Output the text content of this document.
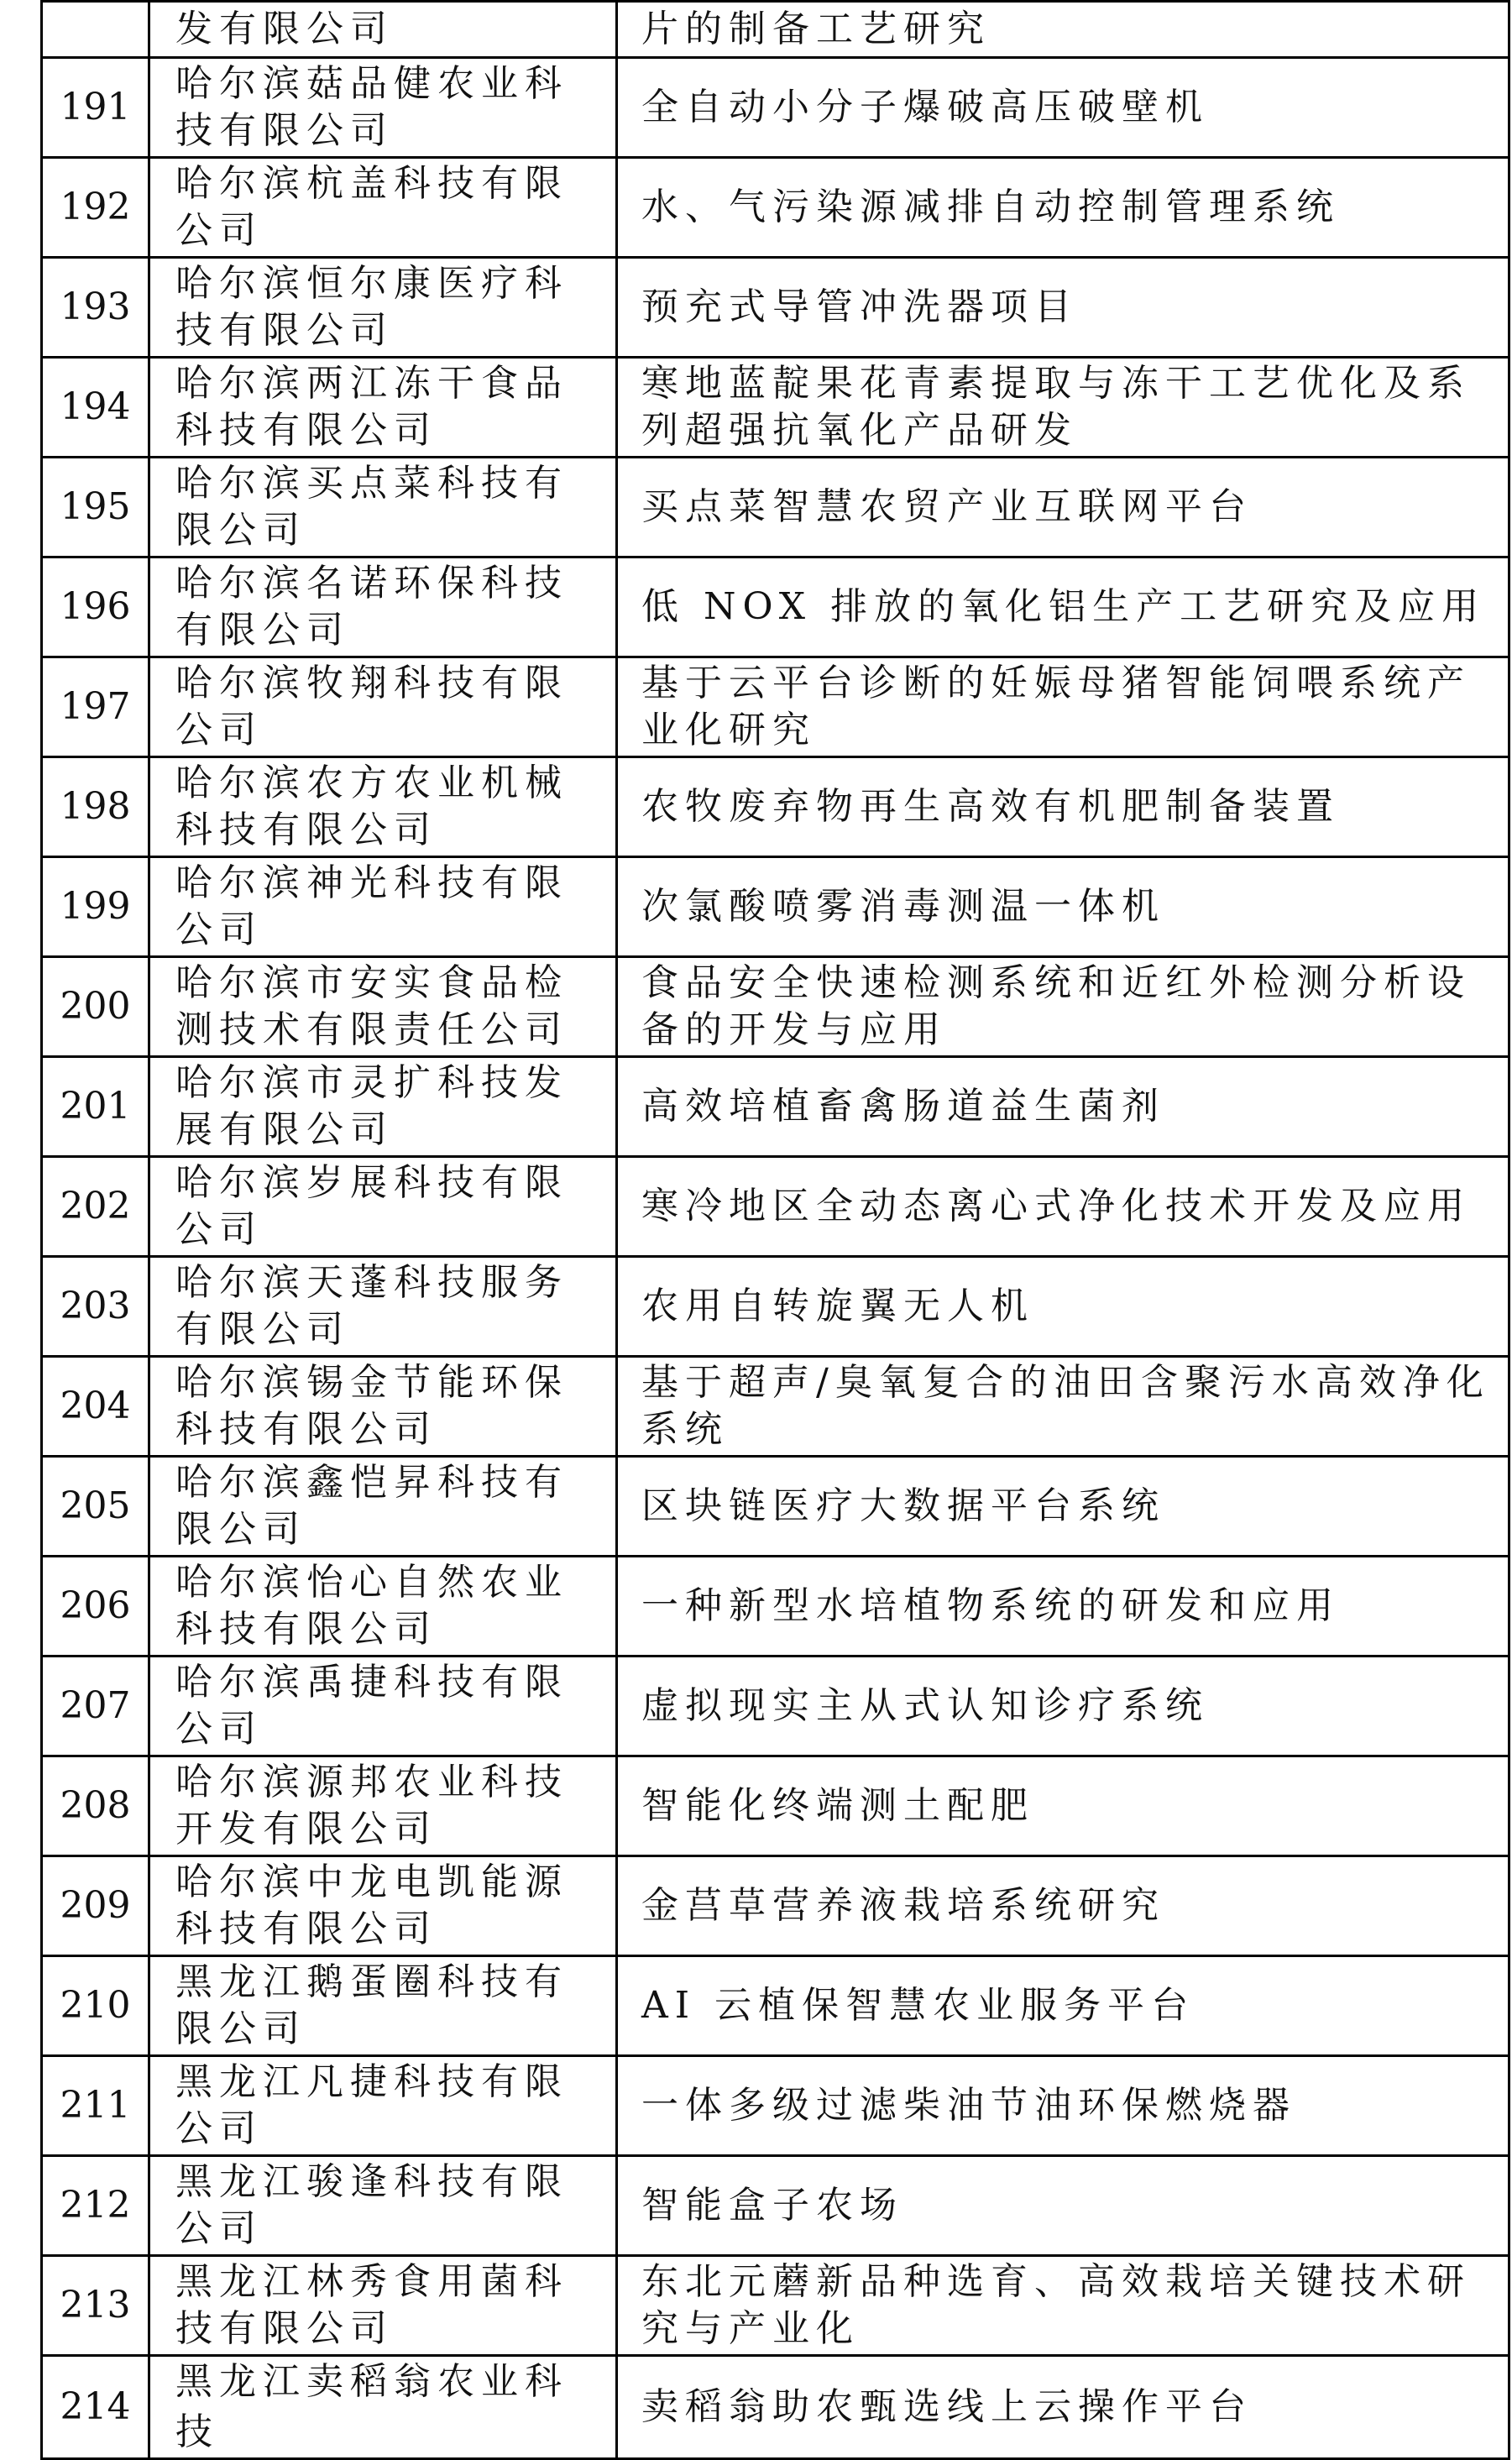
	发有限公司	片的制备工艺研究
191	哈尔滨菇品健农业科技有限公司	全自动小分子爆破高压破壁机
192	哈尔滨杭盖科技有限公司	水、气污染源减排自动控制管理系统
193	哈尔滨恒尔康医疗科技有限公司	预充式导管冲洗器项目
194	哈尔滨两江冻干食品科技有限公司	寒地蓝靛果花青素提取与冻干工艺优化及系列超强抗氧化产品研发
195	哈尔滨买点菜科技有限公司	买点菜智慧农贸产业互联网平台
196	哈尔滨名诺环保科技有限公司	低 NOX 排放的氧化铝生产工艺研究及应用
197	哈尔滨牧翔科技有限公司	基于云平台诊断的妊娠母猪智能饲喂系统产业化研究
198	哈尔滨农方农业机械科技有限公司	农牧废弃物再生高效有机肥制备装置
199	哈尔滨神光科技有限公司	次氯酸喷雾消毒测温一体机
200	哈尔滨市安实食品检测技术有限责任公司	食品安全快速检测系统和近红外检测分析设备的开发与应用
201	哈尔滨市灵扩科技发展有限公司	高效培植畜禽肠道益生菌剂
202	哈尔滨岁展科技有限公司	寒冷地区全动态离心式净化技术开发及应用
203	哈尔滨天蓬科技服务有限公司	农用自转旋翼无人机
204	哈尔滨锡金节能环保科技有限公司	基于超声/臭氧复合的油田含聚污水高效净化系统
205	哈尔滨鑫恺昇科技有限公司	区块链医疗大数据平台系统
206	哈尔滨怡心自然农业科技有限公司	一种新型水培植物系统的研发和应用
207	哈尔滨禹捷科技有限公司	虚拟现实主从式认知诊疗系统
208	哈尔滨源邦农业科技开发有限公司	智能化终端测土配肥
209	哈尔滨中龙电凯能源科技有限公司	金莒草营养液栽培系统研究
210	黑龙江鹅蛋圈科技有限公司	AI 云植保智慧农业服务平台
211	黑龙江凡捷科技有限公司	一体多级过滤柴油节油环保燃烧器
212	黑龙江骏逢科技有限公司	智能盒子农场
213	黑龙江林秀食用菌科技有限公司	东北元蘑新品种选育、高效栽培关键技术研究与产业化
214	黑龙江卖稻翁农业科技	卖稻翁助农甄选线上云操作平台
